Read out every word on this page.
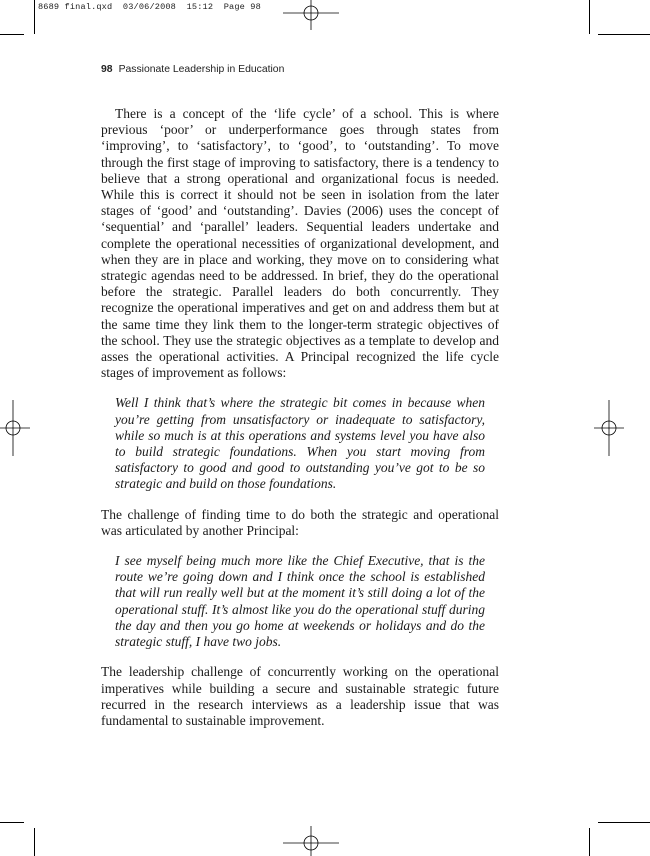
8689 final.qxd  03/06/2008  15:12  Page 98
98 Passionate Leadership in Education

There is a concept of the ‘life cycle’ of a school. This is where previous ‘poor’ or underperformance goes through states from ‘improving’, to ‘satisfactory’, to ‘good’, to ‘outstanding’. To move through the first stage of improving to satisfactory, there is a tendency to believe that a strong operational and organizational focus is needed. While this is correct it should not be seen in isolation from the later stages of ‘good’ and ‘outstanding’. Davies (2006) uses the concept of ‘sequential’ and ‘parallel’ leaders. Sequential leaders undertake and complete the operational necessities of organizational development, and when they are in place and working, they move on to considering what strategic agendas need to be addressed. In brief, they do the operational before the strategic. Parallel leaders do both concurrently. They recognize the operational imperatives and get on and address them but at the same time they link them to the longer-term strategic objectives of the school. They use the strategic objectives as a template to develop and asses the operational activities. A Principal recognized the life cycle stages of improvement as follows:

Well I think that’s where the strategic bit comes in because when you’re getting from unsatisfactory or inadequate to satisfactory, while so much is at this operations and systems level you have also to build strategic foundations. When you start moving from satisfactory to good and good to outstanding you’ve got to be so strategic and build on those foundations.

The challenge of finding time to do both the strategic and operational was articulated by another Principal:

I see myself being much more like the Chief Executive, that is the route we’re going down and I think once the school is established that will run really well but at the moment it’s still doing a lot of the operational stuff. It’s almost like you do the operational stuff during the day and then you go home at weekends or holidays and do the strategic stuff, I have two jobs.

The leadership challenge of concurrently working on the operational imperatives while building a secure and sustainable strategic future recurred in the research interviews as a leadership issue that was fundamental to sustainable improvement.
